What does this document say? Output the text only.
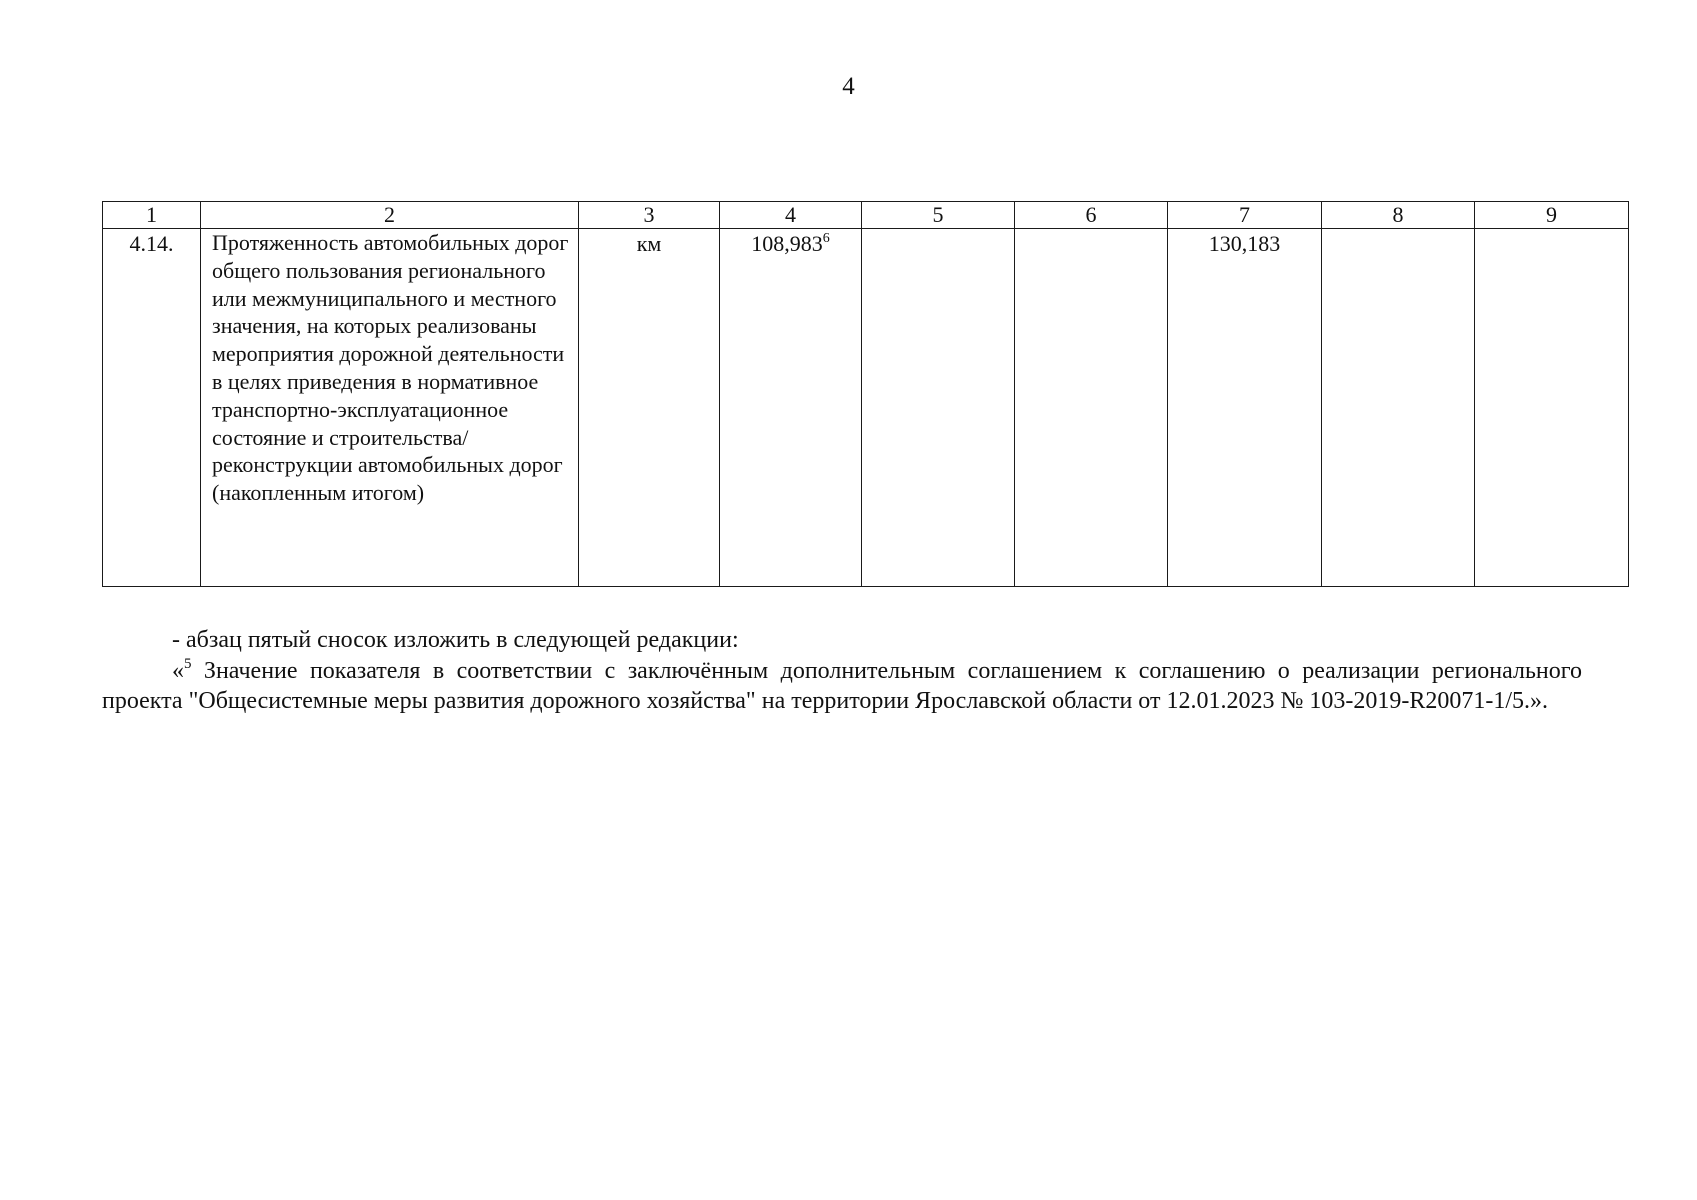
4
1	2	3	4	5	6	7	8	9
4.14.	Протяженность автомобильных дорог общего пользования регионального или межмуниципального и местного значения, на которых реализованы мероприятия дорожной деятельности в целях приведения в нормативное транспортно-эксплуатационное состояние и строительства/реконструкции автомобильных дорог (накопленным итогом)	км	108,983$^6$			130,183		

- абзац пятый сносок изложить в следующей редакции:

«$^5$ Значение показателя в соответствии с заключённым дополнительным соглашением к соглашению о реализации регионального проекта "Общесистемные меры развития дорожного хозяйства" на территории Ярославской области от 12.01.2023 № 103-2019-R20071-1/5.».
